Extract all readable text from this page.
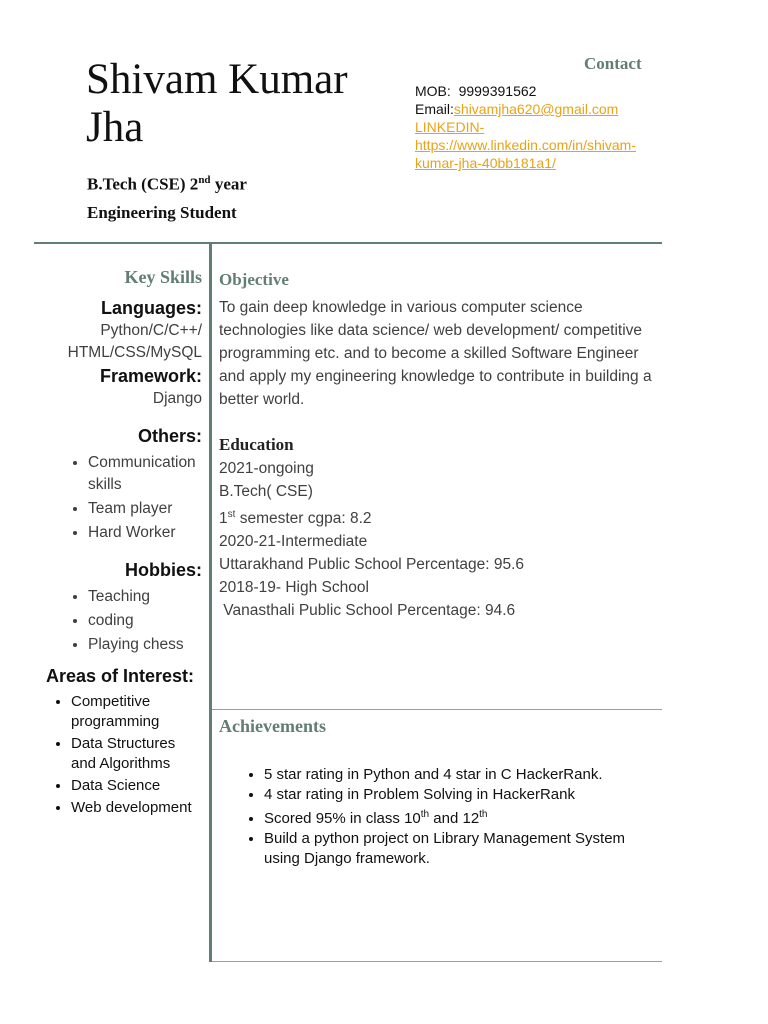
Shivam Kumar Jha
B.Tech (CSE) 2nd year
Engineering Student
Contact
MOB: 9999391562
Email:shivamjha620@gmail.com
LINKEDIN-
https://www.linkedin.com/in/shivam-kumar-jha-40bb181a1/
Key Skills
Languages:
Python/C/C++/
HTML/CSS/MySQL
Framework:
Django
Others:
• Communication skills
• Team player
• Hard Worker
Hobbies:
• Teaching
• coding
• Playing chess
Areas of Interest:
• Competitive programming
• Data Structures and Algorithms
• Data Science
• Web development
Objective
To gain deep knowledge in various computer science technologies like data science/ web development/ competitive programming etc. and to become a skilled Software Engineer and apply my engineering knowledge to contribute in building a better world.
Education
2021-ongoing
B.Tech( CSE)
1st semester cgpa: 8.2
2020-21-Intermediate
Uttarakhand Public School Percentage: 95.6
2018-19- High School
Vanasthali Public School Percentage: 94.6
Achievements
• 5 star rating in Python and 4 star in C HackerRank.
• 4 star rating in Problem Solving in HackerRank
• Scored 95% in class 10th and 12th
• Build a python project on Library Management System using Django framework.
